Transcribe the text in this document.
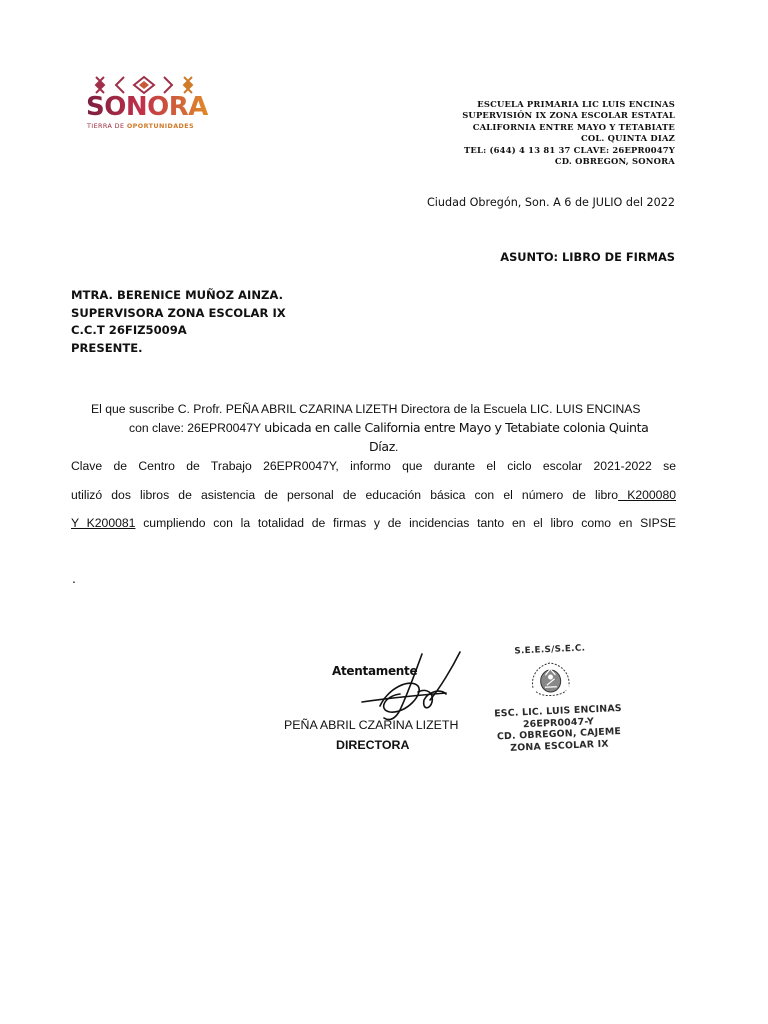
SONORA
TIERRA DE OPORTUNIDADES
ESCUELA PRIMARIA LIC LUIS ENCINAS
SUPERVISIÓN IX ZONA ESCOLAR ESTATAL
CALIFORNIA ENTRE MAYO Y TETABIATE
COL. QUINTA DIAZ
TEL: (644) 4 13 81 37 CLAVE: 26EPR0047Y
CD. OBREGON, SONORA
Ciudad Obregón, Son. A 6 de JULIO del 2022
ASUNTO: LIBRO DE FIRMAS
MTRA. BERENICE MUÑOZ AINZA.
SUPERVISORA ZONA ESCOLAR IX
C.C.T 26FIZ5009A
PRESENTE.
El que suscribe C. Profr. PEÑA ABRIL CZARINA LIZETH Directora de la Escuela LIC. LUIS ENCINAS
con clave: 26EPR0047Y ubicada en calle California entre Mayo y Tetabiate colonia Quinta
Díaz.
Clave de Centro de Trabajo 26EPR0047Y, informo que durante el ciclo escolar 2021-2022 se
utilizó dos libros de asistencia de personal de educación básica con el número de libro K200080
Y K200081 cumpliendo con la totalidad de firmas y de incidencias tanto en el libro como en SIPSE
.
Atentamente
PEÑA ABRIL CZARINA LIZETH
DIRECTORA
S.E.E.S/S.E.C.
ESC. LIC. LUIS ENCINAS
26EPR0047-Y
CD. OBREGON, CAJEME
ZONA ESCOLAR IX
